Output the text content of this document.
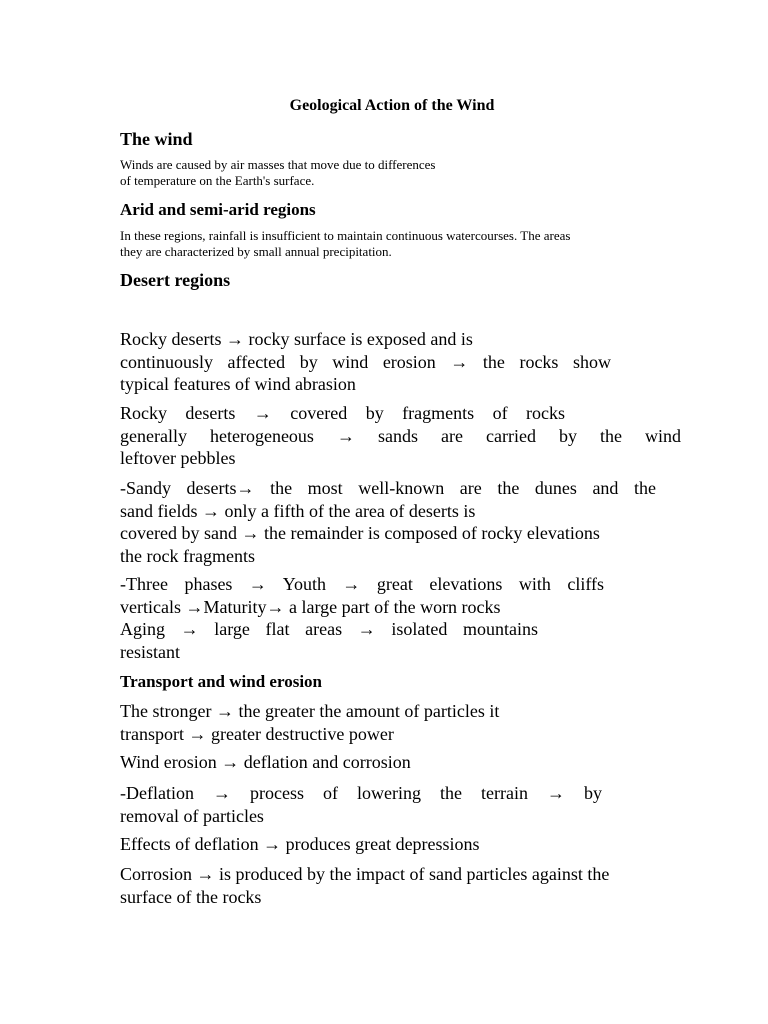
Geological Action of the Wind
The wind
Winds are caused by air masses that move due to differences
of temperature on the Earth's surface.
Arid and semi-arid regions
In these regions, rainfall is insufficient to maintain continuous watercourses. The areas
they are characterized by small annual precipitation.
Desert regions
Rocky deserts → rocky surface is exposed and is
continuously affected by wind erosion → the rocks show
typical features of wind abrasion
Rocky deserts → covered by fragments of rocks
generally heterogeneous → sands are carried by the wind
leftover pebbles
-Sandy deserts→ the most well-known are the dunes and the
sand fields → only a fifth of the area of deserts is
covered by sand → the remainder is composed of rocky elevations
the rock fragments
-Three phases → Youth → great elevations with cliffs
verticals →Maturity→ a large part of the worn rocks
Aging → large flat areas → isolated mountains
resistant
Transport and wind erosion
The stronger → the greater the amount of particles it
transport → greater destructive power
Wind erosion → deflation and corrosion
-Deflation → process of lowering the terrain → by
removal of particles
Effects of deflation → produces great depressions
Corrosion → is produced by the impact of sand particles against the
surface of the rocks
